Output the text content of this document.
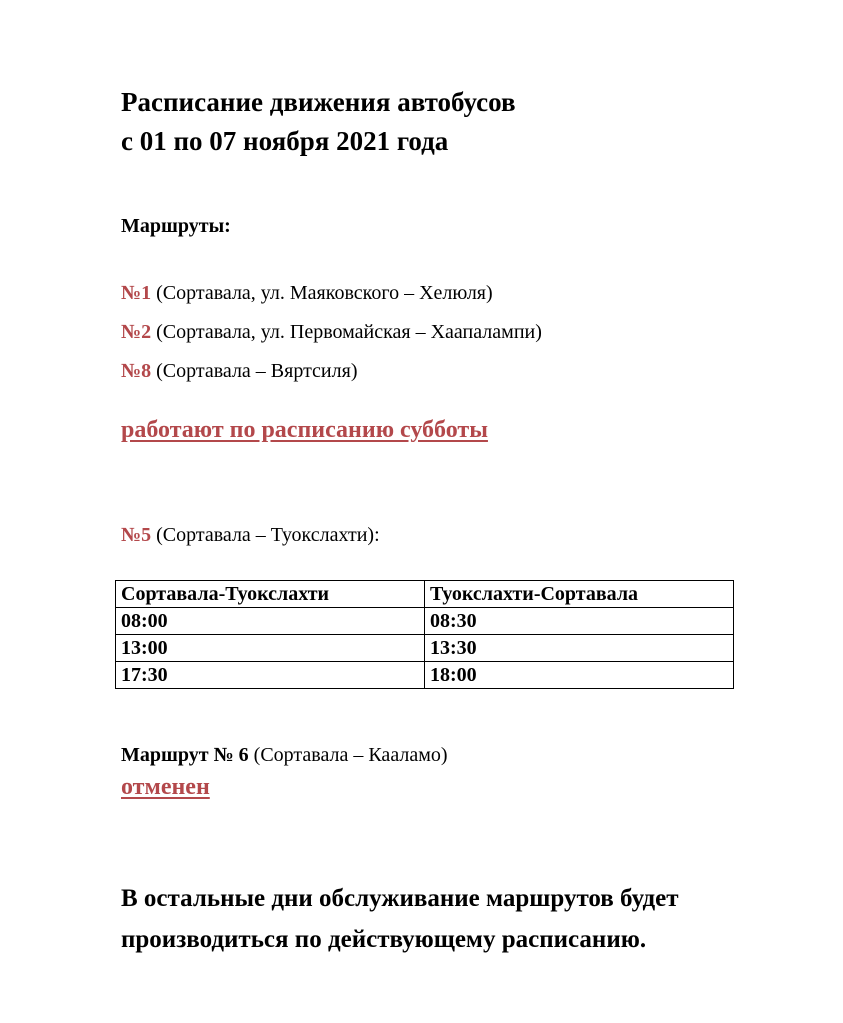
Расписание движения автобусов
с 01 по 07 ноября 2021 года
Маршруты:
№1 (Сортавала, ул. Маяковского – Хелюля)
№2 (Сортавала, ул. Первомайская – Хаапалампи)
№8 (Сортавала – Вяртсиля)
работают по расписанию субботы
№5 (Сортавала – Туокслахти):
Сортавала-Туокслахти	Туокслахти-Сортавала
08:00	08:30
13:00	13:30
17:30	18:00
Маршрут № 6 (Сортавала – Кааламо)
отменен
В остальные дни обслуживание маршрутов будет
производиться по действующему расписанию.
